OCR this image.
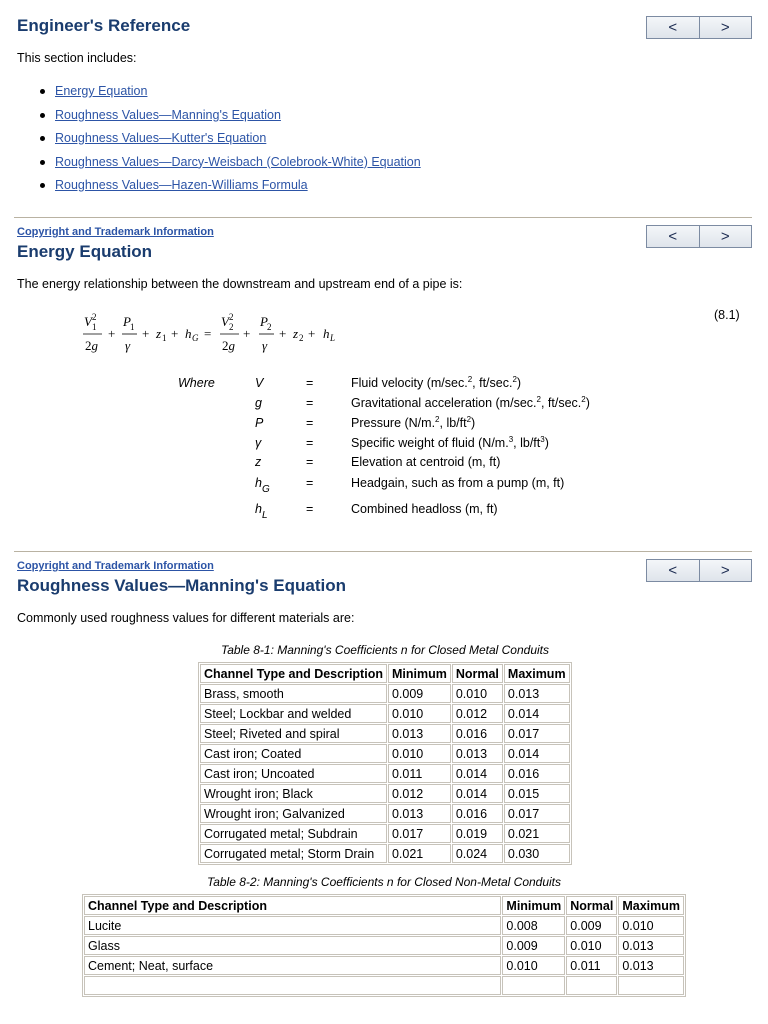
Engineer's Reference	<	>
This section includes:
Energy Equation
Roughness Values—Manning's Equation
Roughness Values—Kutter's Equation
Roughness Values—Darcy-Weisbach (Colebrook-White) Equation
Roughness Values—Hazen-Williams Formula
Copyright and Trademark Information
Energy Equation
<	>
The energy relationship between the downstream and upstream end of a pipe is:
V 1
2
2g
+
P 1
γ
+ z 1 + h G =
V 2
2
2g
+
P 2
γ
+ z 2 + h L
(8.1)
Where	V	=	Fluid velocity (m/sec.$^2$, ft/sec.$^2$)
g	=	Gravitational acceleration (m/sec.$^2$, ft/sec.$^2$)
P	=	Pressure (N/m.$^2$, $lb/ft^2$)
γ	=	Specific weight of fluid (N/m.$^3$, $lb/ft^3$)
z	=	Elevation at centroid (m, ft)
$h_G$	=	Headgain, such as from a pump (m, ft)
$h_L$	=	Combined headloss (m, ft)
Copyright and Trademark Information
Roughness Values—Manning's Equation
<	>
Commonly used roughness values for different materials are:
Table 8-1: Manning's Coefficients n for Closed Metal Conduits
Channel Type and Description	Minimum	Normal	Maximum
Brass, smooth	0.009	0.010	0.013
Steel; Lockbar and welded	0.010	0.012	0.014
Steel; Riveted and spiral	0.013	0.016	0.017
Cast iron; Coated	0.010	0.013	0.014
Cast iron; Uncoated	0.011	0.014	0.016
Wrought iron; Black	0.012	0.014	0.015
Wrought iron; Galvanized	0.013	0.016	0.017
Corrugated metal; Subdrain	0.017	0.019	0.021
Corrugated metal; Storm Drain	0.021	0.024	0.030
Table 8-2: Manning's Coefficients n for Closed Non-Metal Conduits
Channel Type and Description	Minimum	Normal	Maximum
Lucite	0.008	0.009	0.010
Glass	0.009	0.010	0.013
Cement; Neat, surface	0.010	0.011	0.013
